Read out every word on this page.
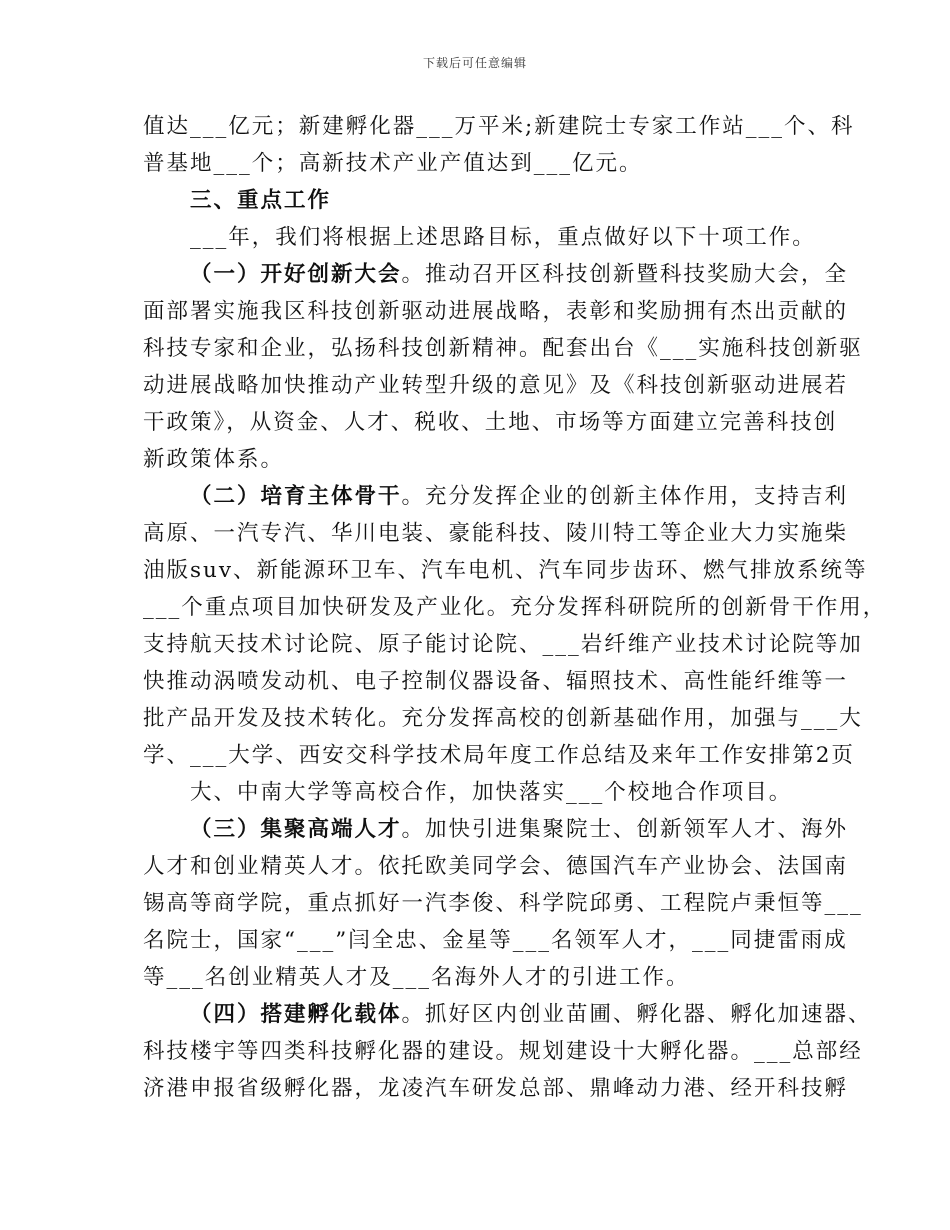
下载后可任意编辑
值达___亿元；新建孵化器___万平米;新建院士专家工作站___个、科
普基地___个；高新技术产业产值达到___亿元。
三、重点工作
___年，我们将根据上述思路目标，重点做好以下十项工作。
（一）开好创新大会。推动召开区科技创新暨科技奖励大会，全
面部署实施我区科技创新驱动进展战略，表彰和奖励拥有杰出贡献的
科技专家和企业，弘扬科技创新精神。配套出台《___实施科技创新驱
动进展战略加快推动产业转型升级的意见》及《科技创新驱动进展若
干政策》，从资金、人才、税收、土地、市场等方面建立完善科技创
新政策体系。
（二）培育主体骨干。充分发挥企业的创新主体作用，支持吉利
高原、一汽专汽、华川电装、豪能科技、陵川特工等企业大力实施柴
油版suv、新能源环卫车、汽车电机、汽车同步齿环、燃气排放系统等
___个重点项目加快研发及产业化。充分发挥科研院所的创新骨干作用，
支持航天技术讨论院、原子能讨论院、___岩纤维产业技术讨论院等加
快推动涡喷发动机、电子控制仪器设备、辐照技术、高性能纤维等一
批产品开发及技术转化。充分发挥高校的创新基础作用，加强与___大
学、___大学、西安交科学技术局年度工作总结及来年工作安排第2页
大、中南大学等高校合作，加快落实___个校地合作项目。
（三）集聚高端人才。加快引进集聚院士、创新领军人才、海外
人才和创业精英人才。依托欧美同学会、德国汽车产业协会、法国南
锡高等商学院，重点抓好一汽李俊、科学院邱勇、工程院卢秉恒等___
名院士，国家“___”闫全忠、金星等___名领军人才，___同捷雷雨成
等___名创业精英人才及___名海外人才的引进工作。
（四）搭建孵化载体。抓好区内创业苗圃、孵化器、孵化加速器、
科技楼宇等四类科技孵化器的建设。规划建设十大孵化器。___总部经
济港申报省级孵化器，龙凌汽车研发总部、鼎峰动力港、经开科技孵
